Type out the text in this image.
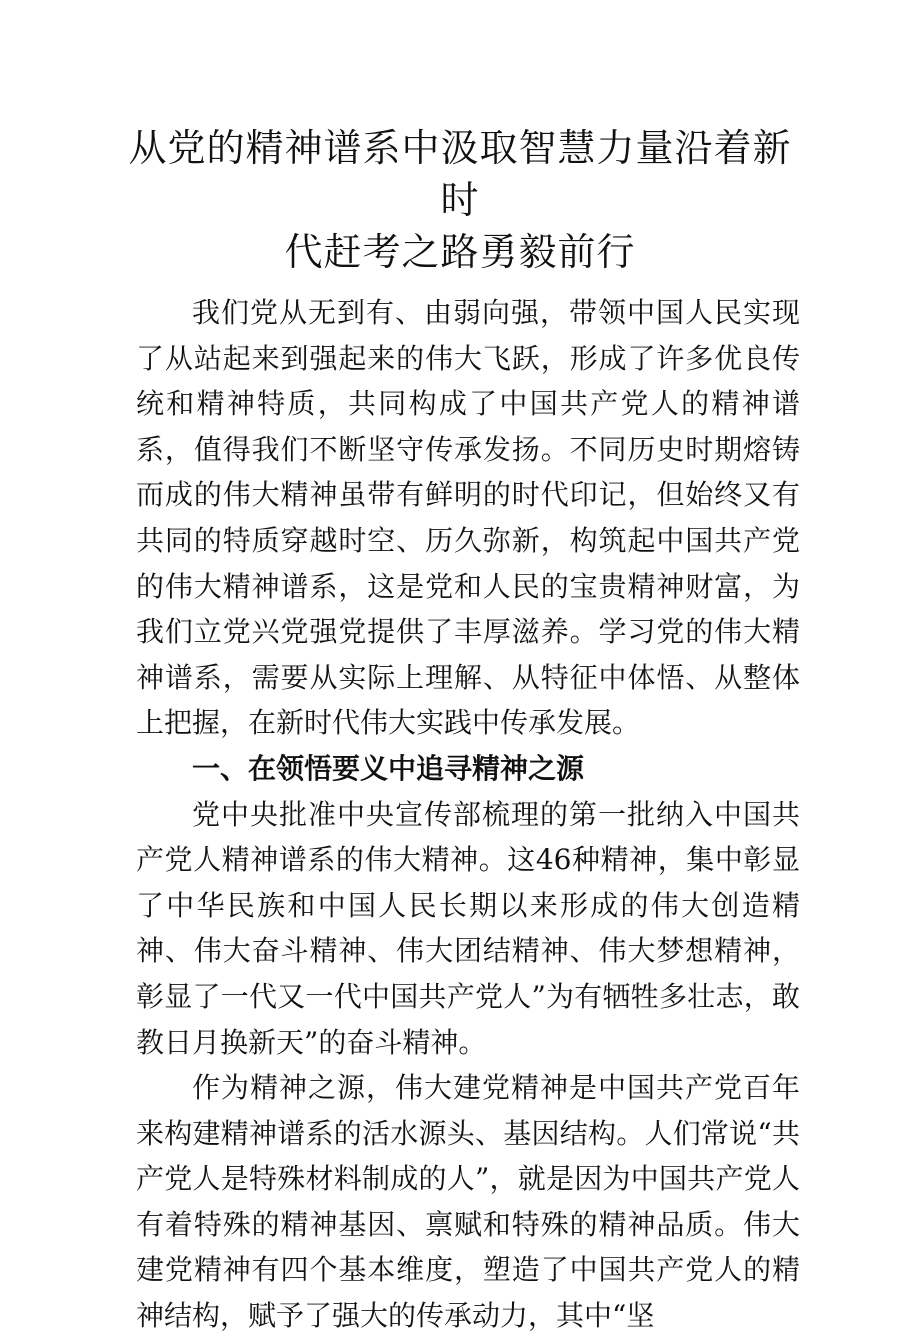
从党的精神谱系中汲取智慧力量沿着新时
代赶考之路勇毅前行

我们党从无到有、由弱向强，带领中国人民实现了从站起来到强起来的伟大飞跃，形成了许多优良传统和精神特质，共同构成了中国共产党人的精神谱系，值得我们不断坚守传承发扬。不同历史时期熔铸而成的伟大精神虽带有鲜明的时代印记，但始终又有共同的特质穿越时空、历久弥新，构筑起中国共产党的伟大精神谱系，这是党和人民的宝贵精神财富，为我们立党兴党强党提供了丰厚滋养。学习党的伟大精神谱系，需要从实际上理解、从特征中体悟、从整体上把握，在新时代伟大实践中传承发展。

一、在领悟要义中追寻精神之源

党中央批准中央宣传部梳理的第一批纳入中国共产党人精神谱系的伟大精神。这46种精神，集中彰显了中华民族和中国人民长期以来形成的伟大创造精神、伟大奋斗精神、伟大团结精神、伟大梦想精神，彰显了一代又一代中国共产党人”为有牺牲多壮志，敢教日月换新天”的奋斗精神。

作为精神之源，伟大建党精神是中国共产党百年来构建精神谱系的活水源头、基因结构。人们常说“共产党人是特殊材料制成的人”，就是因为中国共产党人有着特殊的精神基因、禀赋和特殊的精神品质。伟大建党精神有四个基本维度，塑造了中国共产党人的精神结构，赋予了强大的传承动力，其中“坚
